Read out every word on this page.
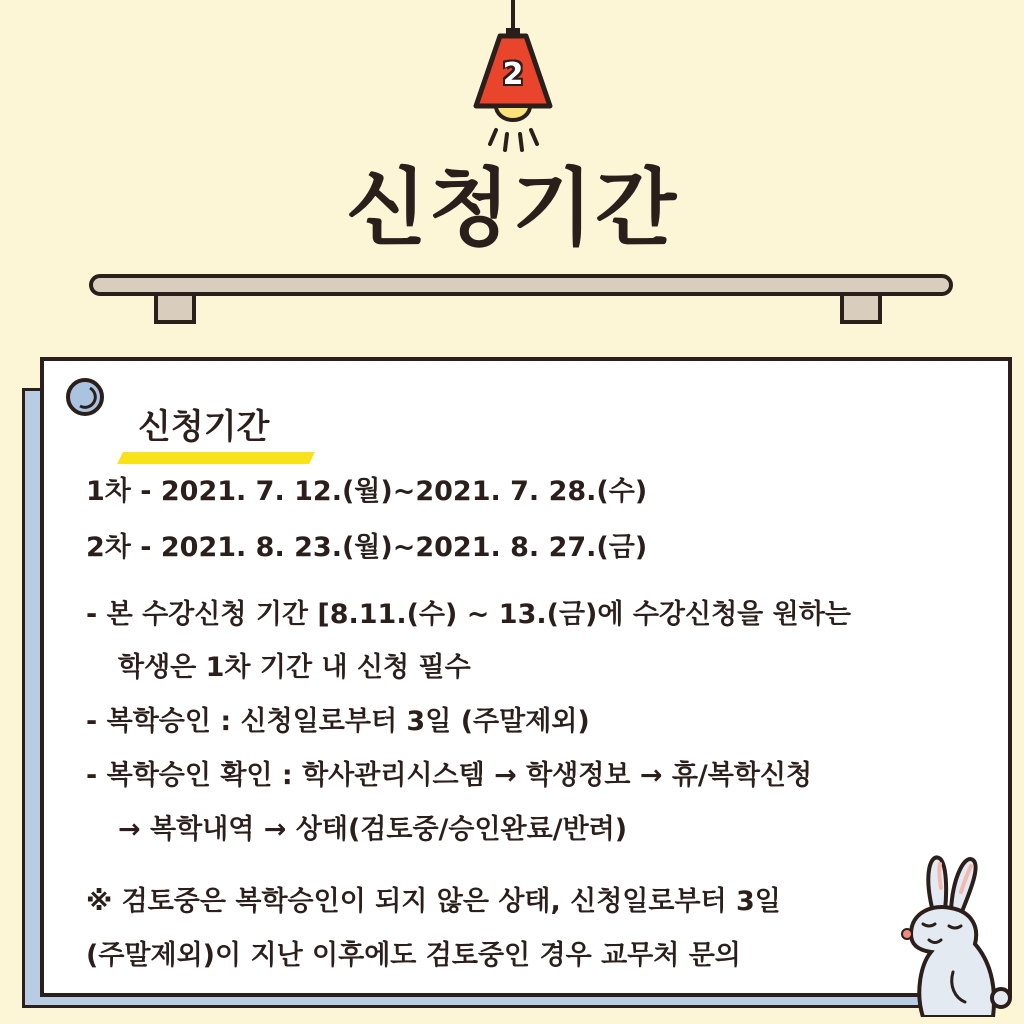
2
신청기간
신청기간
1차 - 2021. 7. 12.(월)~2021. 7. 28.(수)
2차 - 2021. 8. 23.(월)~2021. 8. 27.(금)
- 본 수강신청 기간 [8.11.(수) ~ 13.(금)에 수강신청을 원하는
학생은 1차 기간 내 신청 필수
- 복학승인 : 신청일로부터 3일 (주말제외)
- 복학승인 확인 : 학사관리시스템 → 학생정보 → 휴/복학신청
→ 복학내역 → 상태(검토중/승인완료/반려)
※ 검토중은 복학승인이 되지 않은 상태, 신청일로부터 3일
(주말제외)이 지난 이후에도 검토중인 경우 교무처 문의
